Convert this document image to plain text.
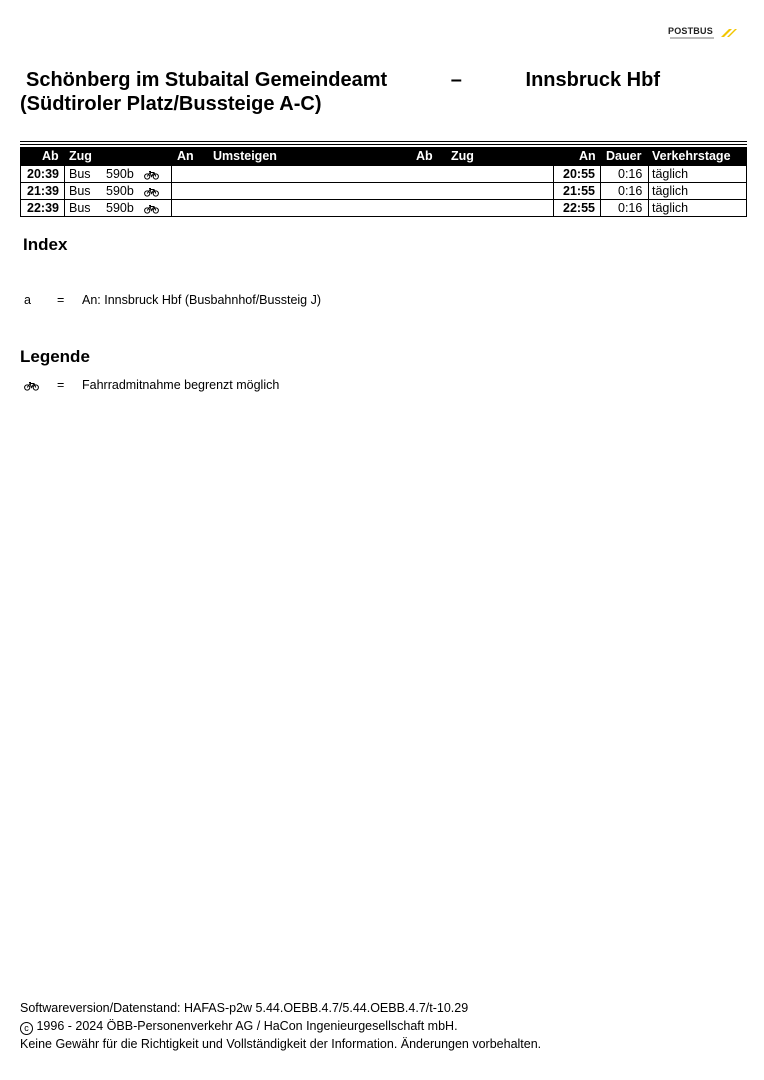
POSTBUS
Schönberg im Stubaital Gemeindeamt	–	Innsbruck Hbf
(Südtiroler Platz/Bussteige A-C)
Ab Zug	An Umsteigen	Ab Zug	An Dauer Verkehrstage
20:39 Bus 590b	20:55 0:16 täglich
21:39 Bus 590b	21:55 0:16 täglich
22:39 Bus 590b	22:55 0:16 täglich
Index
a = An: Innsbruck Hbf (Busbahnhof/Bussteig J)
Legende
= Fahrradmitnahme begrenzt möglich
Softwareversion/Datenstand: HAFAS-p2w 5.44.OEBB.4.7/5.44.OEBB.4.7/t-10.29
c 1996 - 2024 ÖBB-Personenverkehr AG / HaCon Ingenieurgesellschaft mbH.
Keine Gewähr für die Richtigkeit und Vollständigkeit der Information. Änderungen vorbehalten.
